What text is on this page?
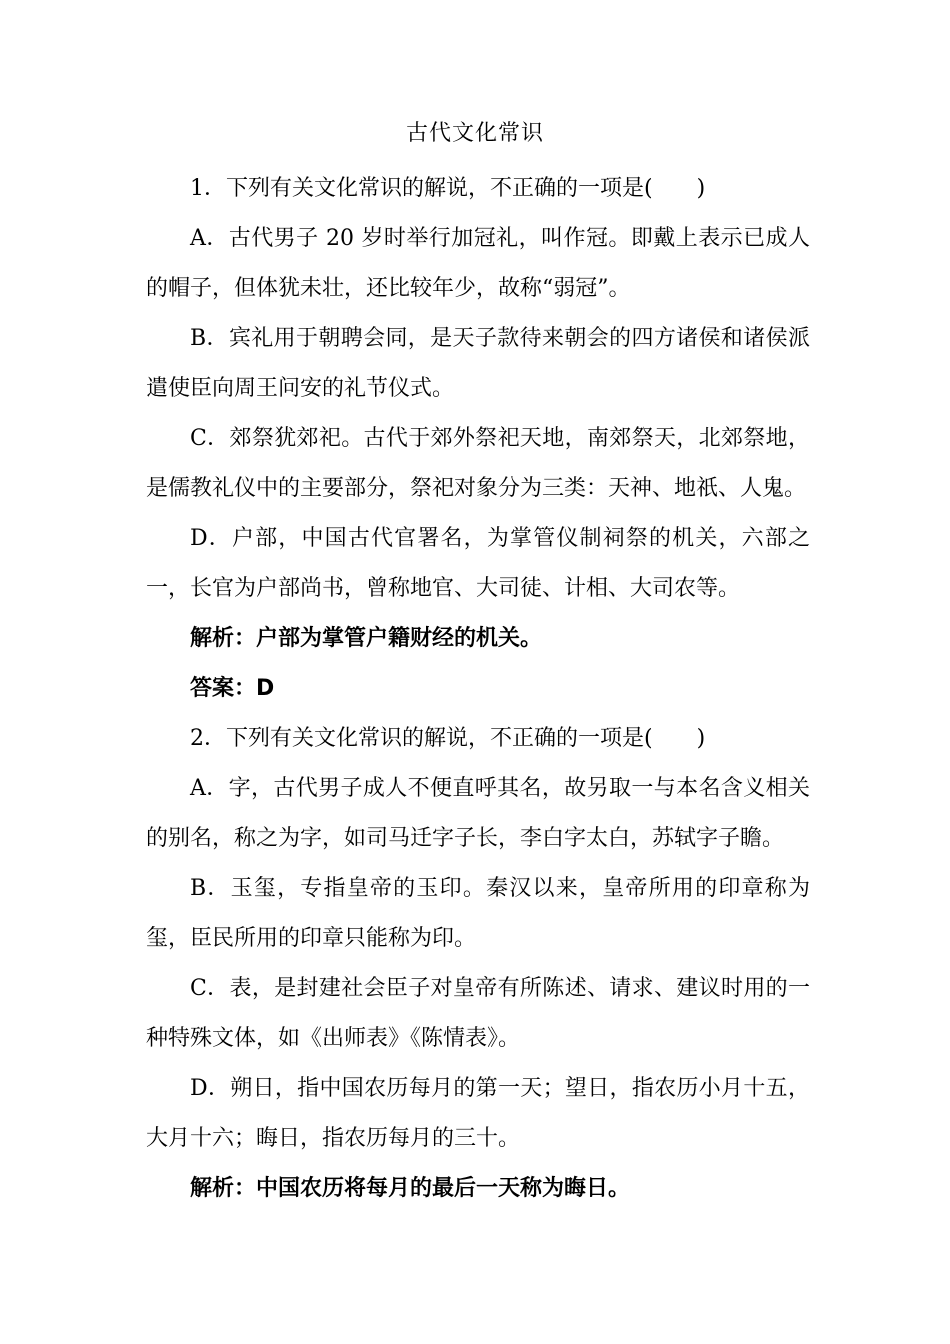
古代文化常识

1．下列有关文化常识的解说，不正确的一项是(　　)

A．古代男子 20 岁时举行加冠礼，叫作冠。即戴上表示已成人的帽子，但体犹未壮，还比较年少，故称“弱冠”。

B．宾礼用于朝聘会同，是天子款待来朝会的四方诸侯和诸侯派遣使臣向周王问安的礼节仪式。

C．郊祭犹郊祀。古代于郊外祭祀天地，南郊祭天，北郊祭地，是儒教礼仪中的主要部分，祭祀对象分为三类：天神、地祇、人鬼。

D．户部，中国古代官署名，为掌管仪制祠祭的机关，六部之一，长官为户部尚书，曾称地官、大司徒、计相、大司农等。

解析：户部为掌管户籍财经的机关。

答案：D

2．下列有关文化常识的解说，不正确的一项是(　　)

A．字，古代男子成人不便直呼其名，故另取一与本名含义相关的别名，称之为字，如司马迁字子长，李白字太白，苏轼字子瞻。

B．玉玺，专指皇帝的玉印。秦汉以来，皇帝所用的印章称为玺，臣民所用的印章只能称为印。

C．表，是封建社会臣子对皇帝有所陈述、请求、建议时用的一种特殊文体，如《出师表》《陈情表》。

D．朔日，指中国农历每月的第一天；望日，指农历小月十五，大月十六；晦日，指农历每月的三十。

解析：中国农历将每月的最后一天称为晦日。
